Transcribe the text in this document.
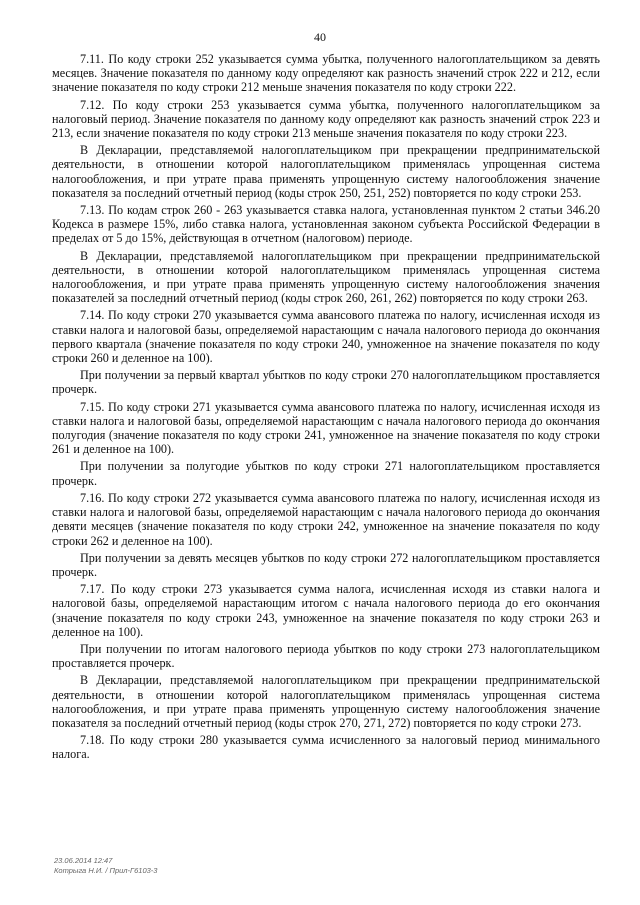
40

7.11. По коду строки 252 указывается сумма убытка, полученного налогоплательщиком за девять месяцев. Значение показателя по данному коду определяют как разность значений строк 222 и 212, если значение показателя по коду строки 212 меньше значения показателя по коду строки 222.

7.12. По коду строки 253 указывается сумма убытка, полученного налогоплательщиком за налоговый период. Значение показателя по данному коду определяют как разность значений строк 223 и 213, если значение показателя по коду строки 213 меньше значения показателя по коду строки 223.

В Декларации, представляемой налогоплательщиком при прекращении предпринимательской деятельности, в отношении которой налогоплательщиком применялась упрощенная система налогообложения, и при утрате права применять упрощенную систему налогообложения значение показателя за последний отчетный период (коды строк 250, 251, 252) повторяется по коду строки 253.

7.13. По кодам строк 260 - 263 указывается ставка налога, установленная пунктом 2 статьи 346.20 Кодекса в размере 15%, либо ставка налога, установленная законом субъекта Российской Федерации в пределах от 5 до 15%, действующая в отчетном (налоговом) периоде.

В Декларации, представляемой налогоплательщиком при прекращении предпринимательской деятельности, в отношении которой налогоплательщиком применялась упрощенная система налогообложения, и при утрате права применять упрощенную систему налогообложения значения показателей за последний отчетный период (коды строк 260, 261, 262) повторяется по коду строки 263.

7.14. По коду строки 270 указывается сумма авансового платежа по налогу, исчисленная исходя из ставки налога и налоговой базы, определяемой нарастающим с начала налогового периода до окончания первого квартала (значение показателя по коду строки 240, умноженное на значение показателя по коду строки 260 и деленное на 100).

При получении за первый квартал убытков по коду строки 270 налогоплательщиком проставляется прочерк.

7.15. По коду строки 271 указывается сумма авансового платежа по налогу, исчисленная исходя из ставки налога и налоговой базы, определяемой нарастающим с начала налогового периода до окончания полугодия (значение показателя по коду строки 241, умноженное на значение показателя по коду строки 261 и деленное на 100).

При получении за полугодие убытков по коду строки 271 налогоплательщиком проставляется прочерк.

7.16. По коду строки 272 указывается сумма авансового платежа по налогу, исчисленная исходя из ставки налога и налоговой базы, определяемой нарастающим с начала налогового периода до окончания девяти месяцев (значение показателя по коду строки 242, умноженное на значение показателя по коду строки 262 и деленное на 100).

При получении за девять месяцев убытков по коду строки 272 налогоплательщиком проставляется прочерк.

7.17. По коду строки 273 указывается сумма налога, исчисленная исходя из ставки налога и налоговой базы, определяемой нарастающим итогом с начала налогового периода до его окончания (значение показателя по коду строки 243, умноженное на значение показателя по коду строки 263 и деленное на 100).

При получении по итогам налогового периода убытков по коду строки 273 налогоплательщиком проставляется прочерк.

В Декларации, представляемой налогоплательщиком при прекращении предпринимательской деятельности, в отношении которой налогоплательщиком применялась упрощенная система налогообложения, и при утрате права применять упрощенную систему налогообложения значение показателя за последний отчетный период (коды строк 270, 271, 272) повторяется по коду строки 273.

7.18. По коду строки 280 указывается сумма исчисленного за налоговый период минимального налога.

23.06.2014 12:47
Котрыга Н.И. / Прил-Г6103-3
